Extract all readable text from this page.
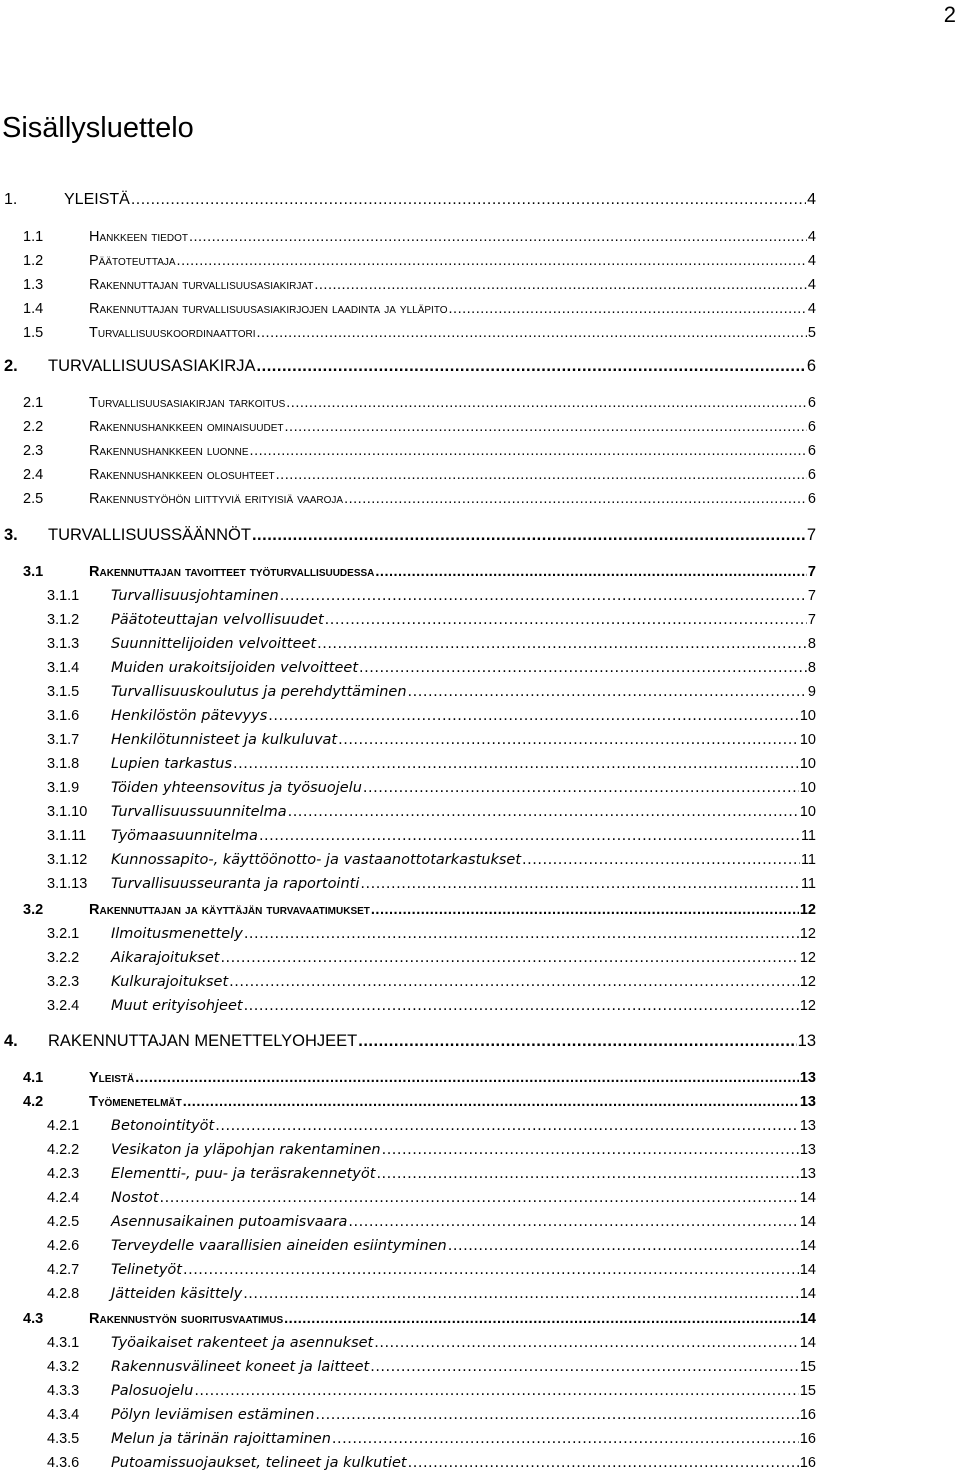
2
Sisällysluettelo
1.	YLEISTÄ .....	4
1.1	Hankkeen tiedot .....	4
1.2	Päätoteuttaja .....	4
1.3	Rakennuttajan turvallisuusasiakirjat .....	4
1.4	Rakennuttajan turvallisuusasiakirjojen laadinta ja ylläpito .....	4
1.5	Turvallisuuskoordinaattori .....	5
2.	TURVALLISUUSASIAKIRJA .....	6
2.1	Turvallisuusasiakirjan tarkoitus .....	6
2.2	Rakennushankkeen ominaisuudet .....	6
2.3	Rakennushankkeen luonne .....	6
2.4	Rakennushankkeen olosuhteet .....	6
2.5	Rakennustyöhön liittyviä erityisiä vaaroja .....	6
3.	TURVALLISUUSSÄÄNNÖT .....	7
3.1	Rakennuttajan tavoitteet työturvallisuudessa .....	7
3.1.1	Turvallisuusjohtaminen .....	7
3.1.2	Päätoteuttajan velvollisuudet .....	7
3.1.3	Suunnittelijoiden velvoitteet .....	8
3.1.4	Muiden urakoitsijoiden velvoitteet .....	8
3.1.5	Turvallisuuskoulutus ja perehdyttäminen .....	9
3.1.6	Henkilöstön pätevyys .....	10
3.1.7	Henkilötunnisteet ja kulkuluvat .....	10
3.1.8	Lupien tarkastus .....	10
3.1.9	Töiden yhteensovitus ja työsuojelu .....	10
3.1.10	Turvallisuussuunnitelma .....	10
3.1.11	Työmaasuunnitelma .....	11
3.1.12	Kunnossapito-, käyttöönotto- ja vastaanottotarkastukset .....	11
3.1.13	Turvallisuusseuranta ja raportointi .....	11
3.2	Rakennuttajan ja käyttäjän turvavaatimukset .....	12
3.2.1	Ilmoitusmenettely .....	12
3.2.2	Aikarajoitukset .....	12
3.2.3	Kulkurajoitukset .....	12
3.2.4	Muut erityisohjeet .....	12
4.	RAKENNUTTAJAN MENETTELYOHJEET .....	13
4.1	Yleistä .....	13
4.2	Työmenetelmät .....	13
4.2.1	Betonointityöt .....	13
4.2.2	Vesikaton ja yläpohjan rakentaminen .....	13
4.2.3	Elementti-, puu- ja teräsrakennetyöt .....	13
4.2.4	Nostot .....	14
4.2.5	Asennusaikainen putoamisvaara .....	14
4.2.6	Terveydelle vaarallisien aineiden esiintyminen .....	14
4.2.7	Telinetyöt .....	14
4.2.8	Jätteiden käsittely .....	14
4.3	Rakennustyön suoritusvaatimus .....	14
4.3.1	Työaikaiset rakenteet ja asennukset .....	14
4.3.2	Rakennusvälineet koneet ja laitteet .....	15
4.3.3	Palosuojelu .....	15
4.3.4	Pölyn leviämisen estäminen .....	16
4.3.5	Melun ja tärinän rajoittaminen .....	16
4.3.6	Putoamissuojaukset, telineet ja kulkutiet .....	16
